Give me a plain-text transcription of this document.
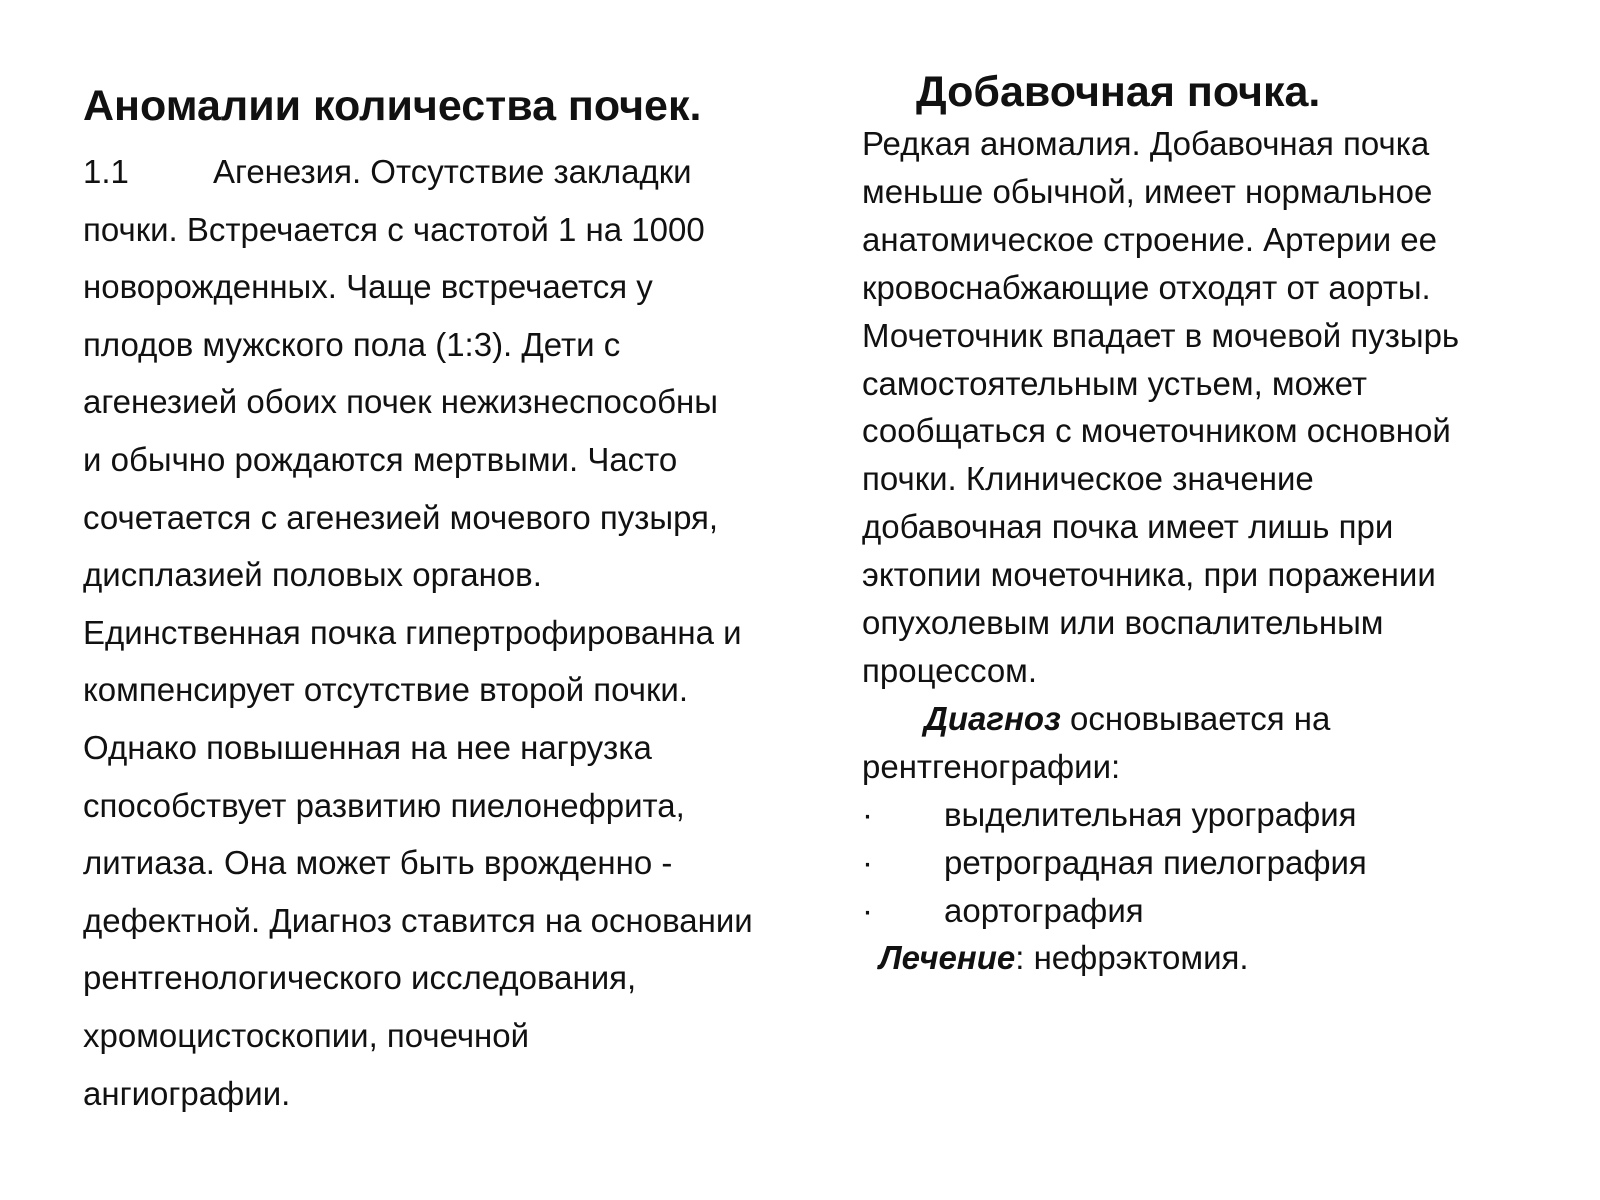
Аномалии количества почек.
1.1	Агенезия. Отсутствие закладки
почки. Встречается с частотой 1 на 1000
новорожденных. Чаще встречается у
плодов мужского пола (1:3). Дети с
агенезией обоих почек нежизнеспособны
и обычно рождаются мертвыми. Часто
сочетается с агенезией мочевого пузыря,
дисплазией половых органов.
Единственная почка гипертрофированна и
компенсирует отсутствие второй почки.
Однако повышенная на нее нагрузка
способствует развитию пиелонефрита,
литиаза. Она может быть врожденно -
дефектной. Диагноз ставится на основании
рентгенологического исследования,
хромоцистоскопии, почечной
ангиографии.
Добавочная почка.
Редкая аномалия. Добавочная почка
меньше обычной, имеет нормальное
анатомическое строение. Артерии ее
кровоснабжающие отходят от аорты.
Мочеточник впадает в мочевой пузырь
самостоятельным устьем, может
сообщаться с мочеточником основной
почки. Клиническое значение
добавочная почка имеет лишь при
эктопии мочеточника, при поражении
опухолевым или воспалительным
процессом.
Диагноз основывается на
рентгенографии:
· выделительная урография
· ретроградная пиелография
· аортография
Лечение: нефрэктомия.
